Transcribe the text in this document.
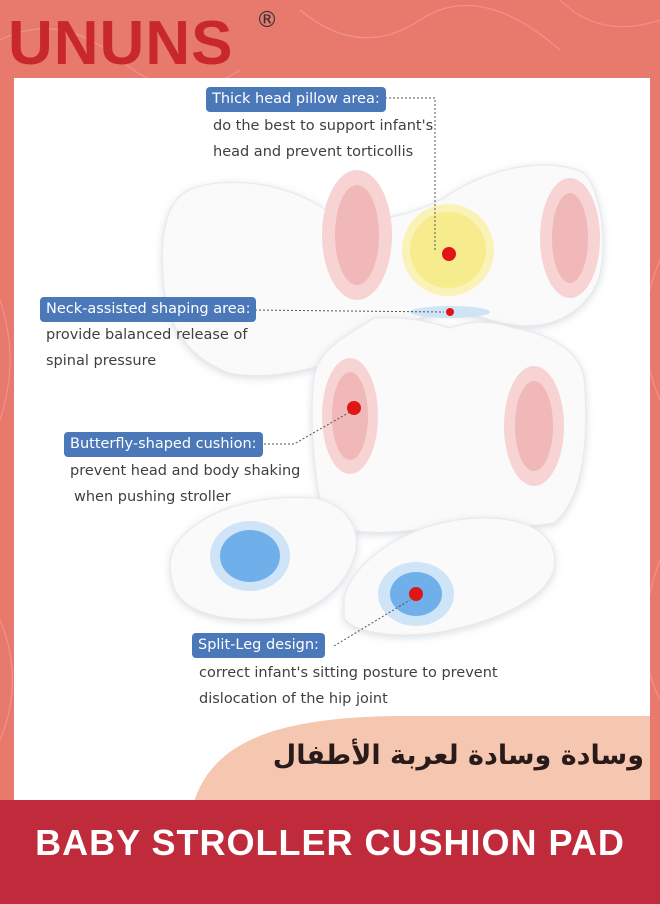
UNUNS ®
Thick head pillow area:

do the best to support infant's

head and prevent torticollis

Neck-assisted shaping area:

provide balanced release of

spinal pressure

Butterfly-shaped cushion:

prevent head and body shaking

when pushing stroller

Split-Leg design:

correct infant's sitting posture to prevent

dislocation of the hip joint

وسادة وسادة لعربة الأطفال
BABY STROLLER CUSHION PAD
